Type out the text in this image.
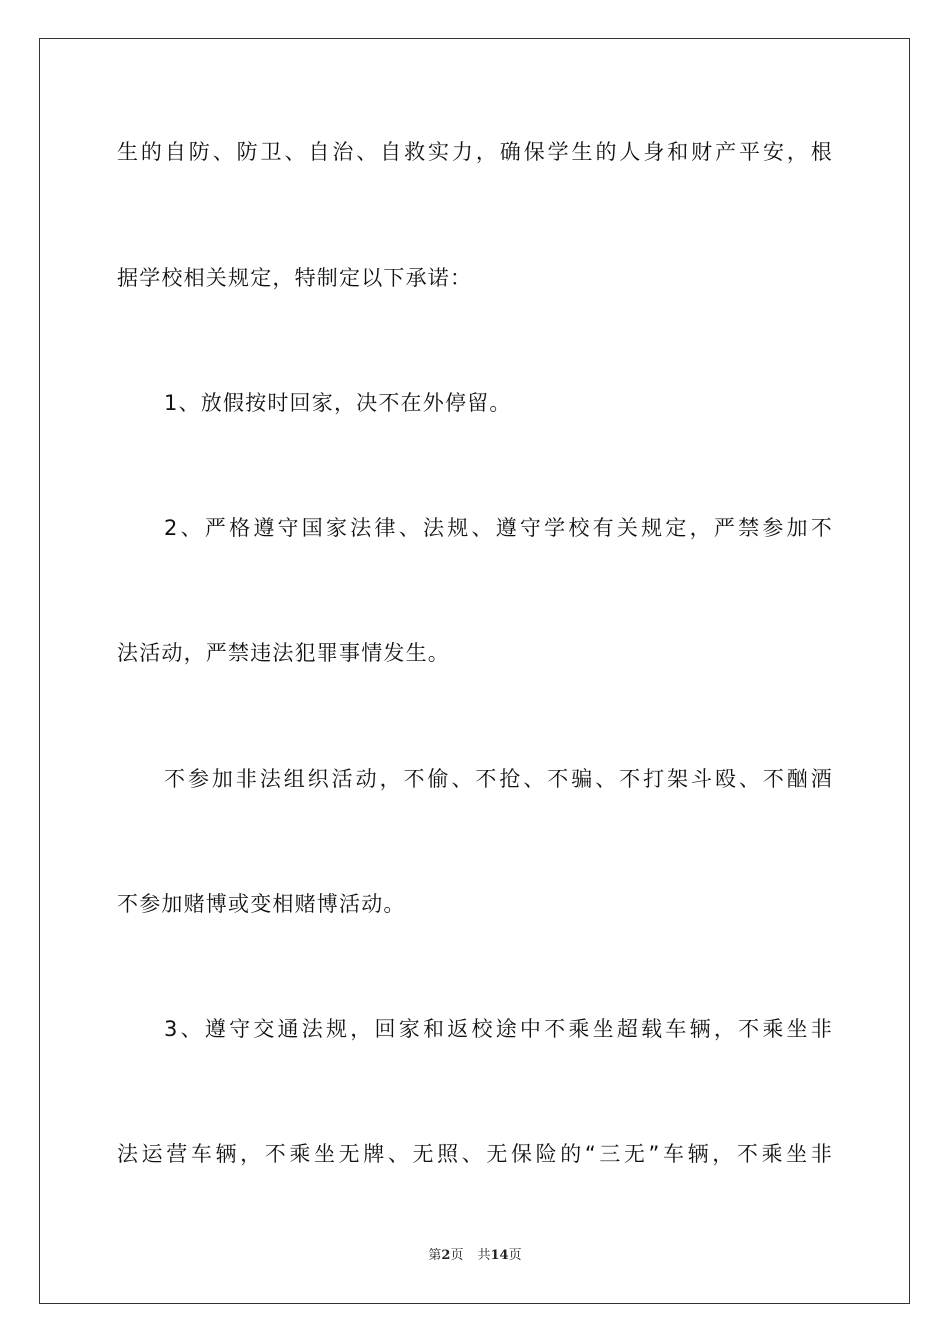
生的自防、防卫、自治、自救实力，确保学生的人身和财产平安，根
据学校相关规定，特制定以下承诺：
1、放假按时回家，决不在外停留。
2、严格遵守国家法律、法规、遵守学校有关规定，严禁参加不
法活动，严禁违法犯罪事情发生。
不参加非法组织活动，不偷、不抢、不骗、不打架斗殴、不酗酒
不参加赌博或变相赌博活动。
3、遵守交通法规，回家和返校途中不乘坐超载车辆，不乘坐非
法运营车辆，不乘坐无牌、无照、无保险的“三无”车辆，不乘坐非
第2页 共14页
